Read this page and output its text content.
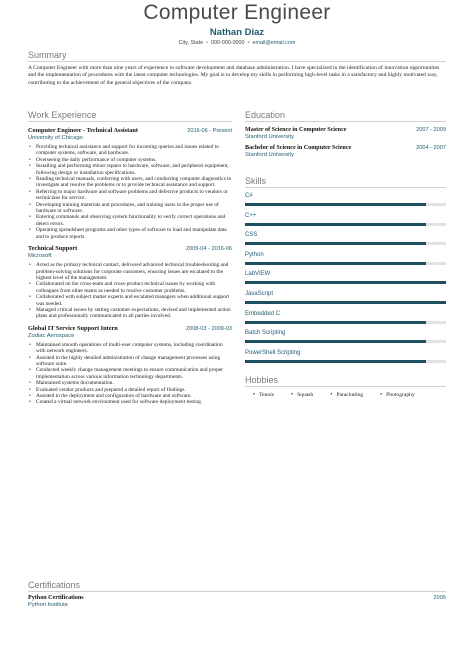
Computer Engineer
Nathan Diaz
City, State • 000-000-0000 • email@email.com
Summary
A Computer Engineer with more than nine years of experience in software development and database administration. I have specialized in the identification of innovation opportunities and the implementation of procedures with the latest computer technologies. My goal is to develop my skills in performing high-level tasks in a satisfactory and highly motivated way, contributing to the achievement of the general objectives of the company.
Work Experience
Computer Engineer - Technical Assistant	2016-06 - Present
University of Chicago
• Providing technical assistance and support for incoming queries and issues related to computer systems, software, and hardware.
• Overseeing the daily performance of computer systems.
• Installing and performing minor repairs to hardware, software, and peripheral equipment, following design or installation specifications.
• Reading technical manuals, conferring with users, and conducting computer diagnostics to investigate and resolve the problems or to provide technical assistance and support.
• Referring to major hardware and software problems and defective products to vendors or technicians for service.
• Developing training materials and procedures, and training users in the proper use of hardware or software.
• Entering commands and observing system functionality to verify correct operations and detect errors.
• Operating spreadsheet programs and other types of software to load and manipulate data and to produce reports.
Technical Support	2009-04 - 2016-06
Microsoft
• Acted as the primary technical contact, delivered advanced technical troubleshooting and problem-solving solutions for corporate customers, ensuring issues are escalated to the highest level of the management.
• Collaborated on the cross-team and cross-product technical issues by working with colleagues from other teams as needed to resolve customer problems.
• Collaborated with subject matter experts and escalated managers when additional support was needed.
• Managed critical issues by setting customer expectations, devised and implemented action plans and professionally communicated to all parties involved.
Global IT Service Support Intern	2008-03 - 2009-03
Zodiac Aerospace
• Maintained smooth operations of multi-user computer systems, including coordination with network engineers.
• Assisted in the highly detailed administration of change management processes using software suite.
• Conducted weekly change management meetings to ensure communication and proper implementation across various information technology departments.
• Maintained systems documentation.
• Evaluated vendor products and prepared a detailed report of findings.
• Assisted in the deployment and configuration of hardware and software.
• Created a virtual network environment used for software deployment testing.
Education
Master of Science in Computer Science	2007 - 2009
Stanford University
Bachelor of Science in Computer Science	2004 - 2007
Stanford University
Skills
C#
C++
CSS
Python
LabVIEW
JavaScript
Embedded C
Batch Scripting
PowerShell Scripting
Hobbies
• Tennis	• Squash	• Parachuting	• Photography
Certifications
Python Certifications	2005
Python Institute
